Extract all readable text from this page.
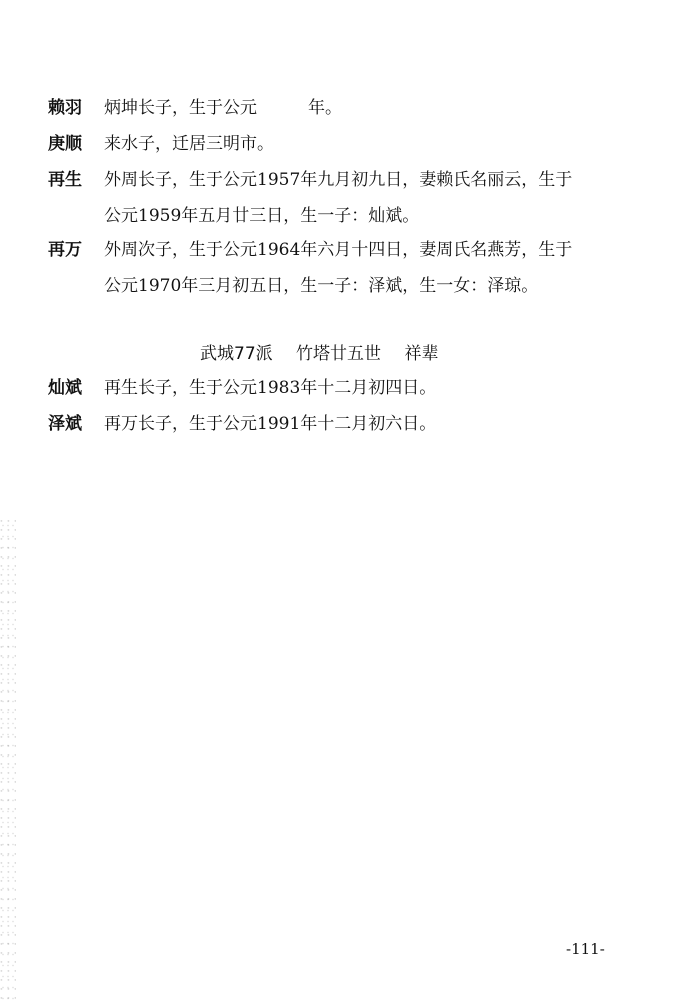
赖羽 炳坤长子，生于公元　　　年。
庚顺 来水子，迁居三明市。
再生 外周长子，生于公元1957年九月初九日，妻赖氏名丽云，生于
公元1959年五月廿三日，生一子：灿斌。
再万 外周次子，生于公元1964年六月十四日，妻周氏名燕芳，生于
公元1970年三月初五日，生一子：泽斌，生一女：泽琼。
武城77派 竹塔廿五世 祥辈
灿斌 再生长子，生于公元1983年十二月初四日。
泽斌 再万长子，生于公元1991年十二月初六日。
-111-
